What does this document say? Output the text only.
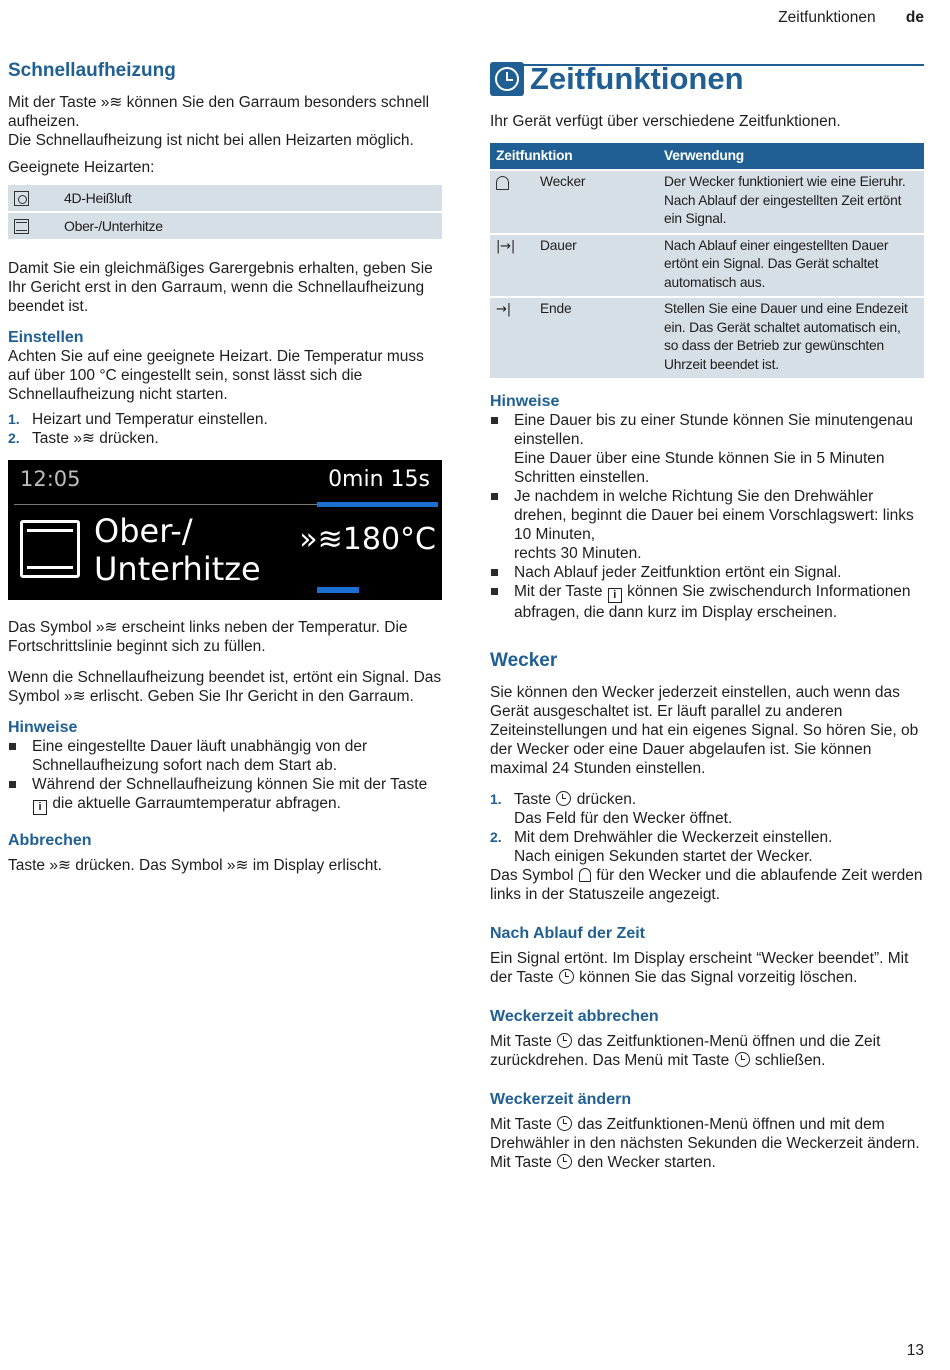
Zeitfunktionen de
Schnellaufheizung

Mit der Taste »≋ können Sie den Garraum besonders schnell aufheizen.

Die Schnellaufheizung ist nicht bei allen Heizarten möglich.

Geeignete Heizarten:

4D-Heißluft
Ober-/Unterhitze

Damit Sie ein gleichmäßiges Garergebnis erhalten, geben Sie Ihr Gericht erst in den Garraum, wenn die Schnellaufheizung beendet ist.

Einstellen

Achten Sie auf eine geeignete Heizart. Die Temperatur muss auf über 100 °C eingestellt sein, sonst lässt sich die Schnellaufheizung nicht starten.

1. Heizart und Temperatur einstellen.
2. Taste »≋ drücken.
12:05	0min 15s
Ober-/
Unterhitze
»≋180°C

Das Symbol »≋ erscheint links neben der Temperatur. Die Fortschrittslinie beginnt sich zu füllen.

Wenn die Schnellaufheizung beendet ist, ertönt ein Signal. Das Symbol »≋ erlischt. Geben Sie Ihr Gericht in den Garraum.

Hinweise
Eine eingestellte Dauer läuft unabhängig von der Schnellaufheizung sofort nach dem Start ab.
Während der Schnellaufheizung können Sie mit der Taste i die aktuelle Garraumtemperatur abfragen.
Abbrechen

Taste »≋ drücken. Das Symbol »≋ im Display erlischt.

Zeitfunktionen

Ihr Gerät verfügt über verschiedene Zeitfunktionen.

Zeitfunktion	Verwendung
Wecker	Der Wecker funktioniert wie eine Eieruhr. Nach Ablauf der eingestellten Zeit ertönt ein Signal.
|→|	Dauer	Nach Ablauf einer eingestellten Dauer ertönt ein Signal. Das Gerät schaltet automatisch aus.
→|	Ende	Stellen Sie eine Dauer und eine Endezeit ein. Das Gerät schaltet automatisch ein, so dass der Betrieb zur gewünschten Uhrzeit beendet ist.
Hinweise
Eine Dauer bis zu einer Stunde können Sie minutengenau einstellen.
Eine Dauer über eine Stunde können Sie in 5 Minuten Schritten einstellen.
Je nachdem in welche Richtung Sie den Drehwähler drehen, beginnt die Dauer bei einem Vorschlagswert: links 10 Minuten,
rechts 30 Minuten.
Nach Ablauf jeder Zeitfunktion ertönt ein Signal.
Mit der Taste i können Sie zwischendurch Informationen abfragen, die dann kurz im Display erscheinen.
Wecker

Sie können den Wecker jederzeit einstellen, auch wenn das Gerät ausgeschaltet ist. Er läuft parallel zu anderen Zeiteinstellungen und hat ein eigenes Signal. So hören Sie, ob der Wecker oder eine Dauer abgelaufen ist. Sie können maximal 24 Stunden einstellen.

1. Taste drücken.
Das Feld für den Wecker öffnet.
2. Mit dem Drehwähler die Weckerzeit einstellen.
Nach einigen Sekunden startet der Wecker.

Das Symbol für den Wecker und die ablaufende Zeit werden links in der Statuszeile angezeigt.

Nach Ablauf der Zeit

Ein Signal ertönt. Im Display erscheint “Wecker beendet”. Mit der Taste können Sie das Signal vorzeitig löschen.

Weckerzeit abbrechen

Mit Taste das Zeitfunktionen-Menü öffnen und die Zeit zurückdrehen. Das Menü mit Taste schließen.

Weckerzeit ändern

Mit Taste das Zeitfunktionen-Menü öffnen und mit dem Drehwähler in den nächsten Sekunden die Weckerzeit ändern. Mit Taste den Wecker starten.

13
